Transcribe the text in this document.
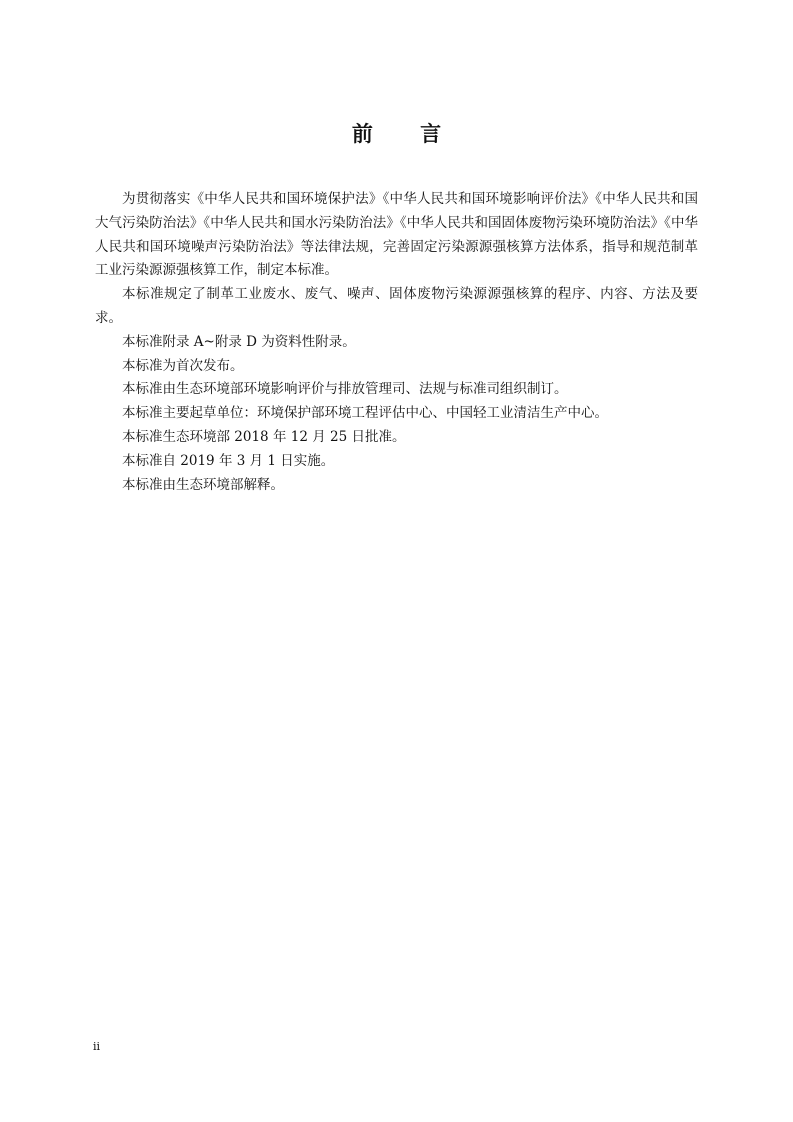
前 言

为贯彻落实《中华人民共和国环境保护法》《中华人民共和国环境影响评价法》《中华人民共和国大气污染防治法》《中华人民共和国水污染防治法》《中华人民共和国固体废物污染环境防治法》《中华人民共和国环境噪声污染防治法》等法律法规，完善固定污染源源强核算方法体系，指导和规范制革工业污染源源强核算工作，制定本标准。

本标准规定了制革工业废水、废气、噪声、固体废物污染源源强核算的程序、内容、方法及要求。

本标准附录 A~附录 D 为资料性附录。

本标准为首次发布。

本标准由生态环境部环境影响评价与排放管理司、法规与标准司组织制订。

本标准主要起草单位：环境保护部环境工程评估中心、中国轻工业清洁生产中心。

本标准生态环境部 2018 年 12 月 25 日批准。

本标准自 2019 年 3 月 1 日实施。

本标准由生态环境部解释。

ii
